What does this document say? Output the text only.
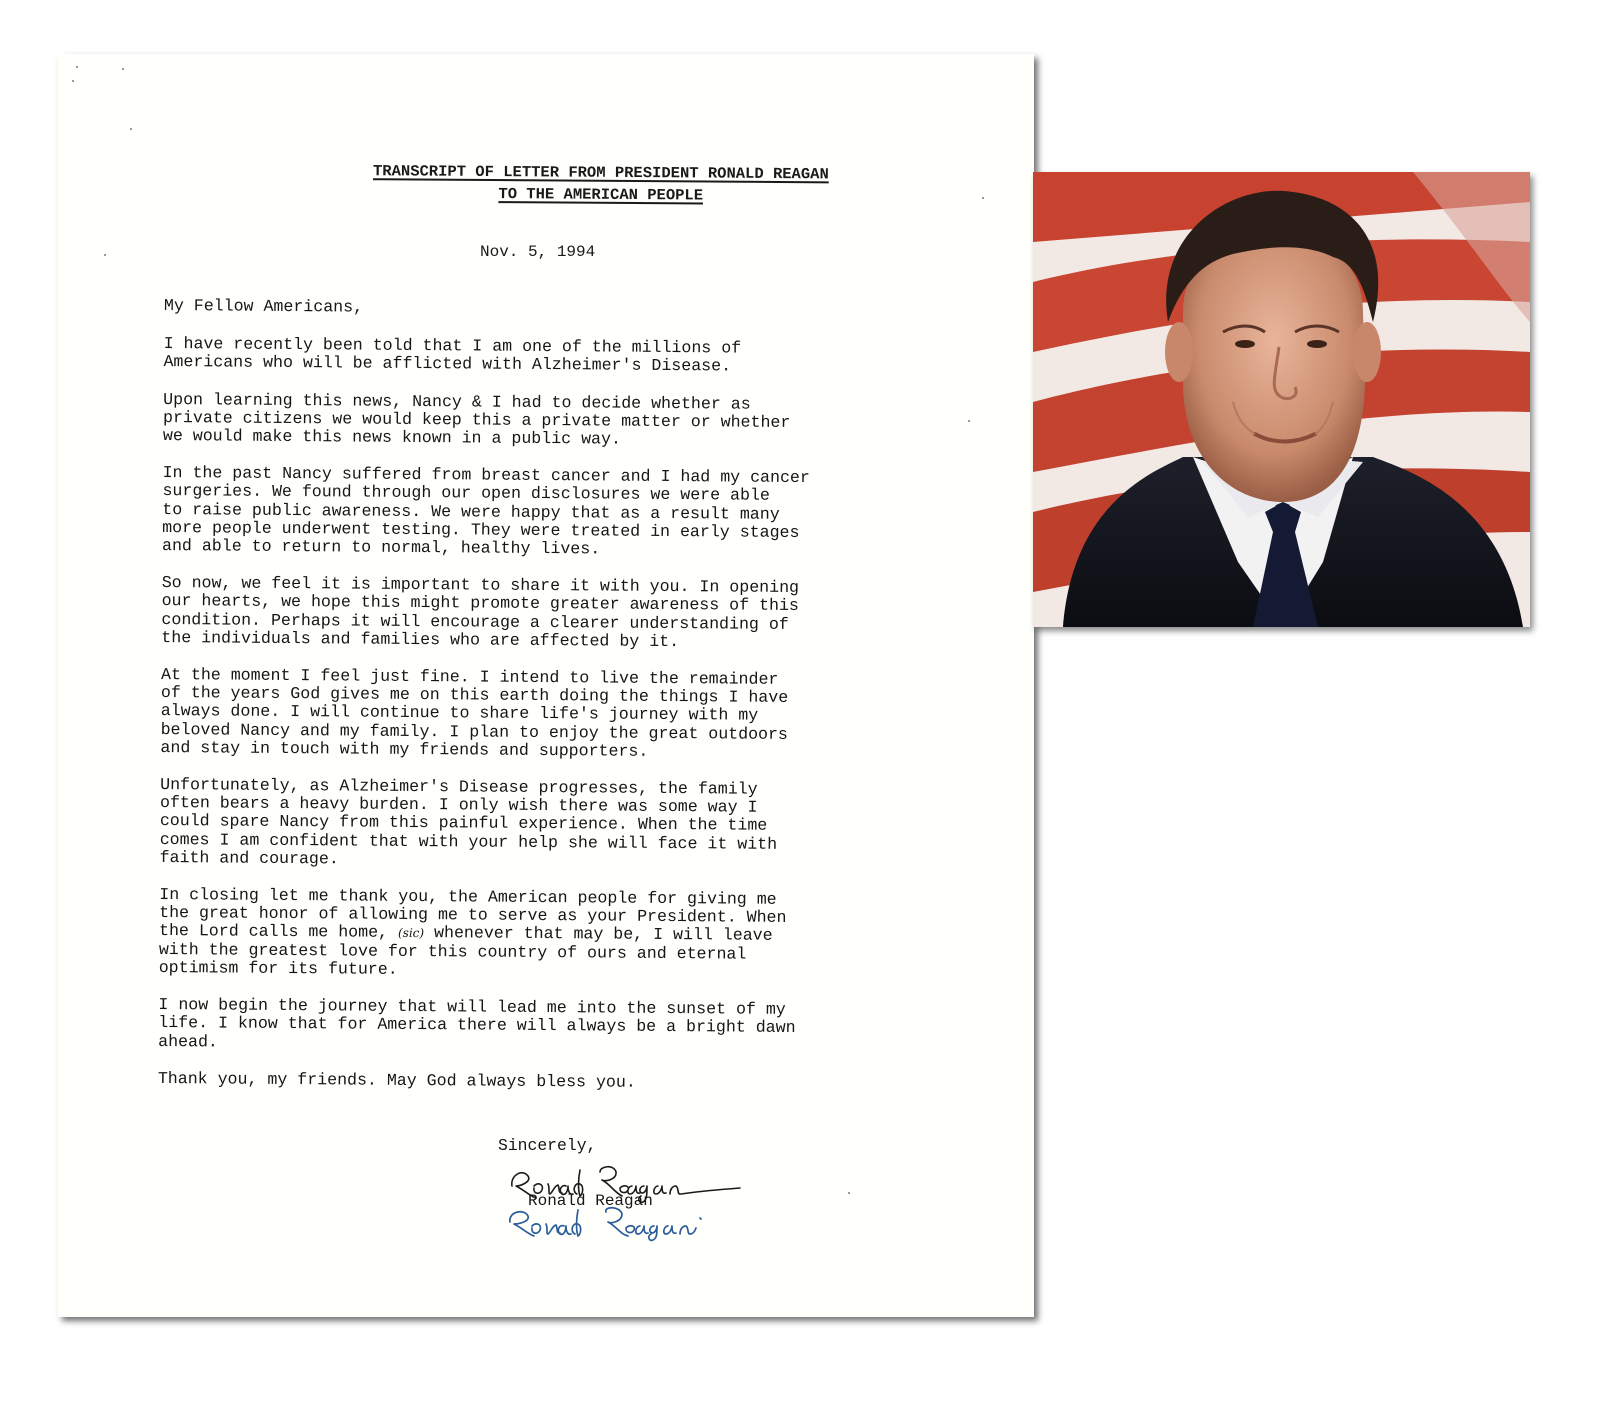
TRANSCRIPT OF LETTER FROM PRESIDENT RONALD REAGAN
TO THE AMERICAN PEOPLE
Nov. 5, 1994
My Fellow Americans,
I have recently been told that I am one of the millions of
Americans who will be afflicted with Alzheimer's Disease.
Upon learning this news, Nancy & I had to decide whether as
private citizens we would keep this a private matter or whether
we would make this news known in a public way.
In the past Nancy suffered from breast cancer and I had my cancer
surgeries. We found through our open disclosures we were able
to raise public awareness. We were happy that as a result many
more people underwent testing. They were treated in early stages
and able to return to normal, healthy lives.
So now, we feel it is important to share it with you. In opening
our hearts, we hope this might promote greater awareness of this
condition. Perhaps it will encourage a clearer understanding of
the individuals and families who are affected by it.
At the moment I feel just fine. I intend to live the remainder
of the years God gives me on this earth doing the things I have
always done. I will continue to share life's journey with my
beloved Nancy and my family. I plan to enjoy the great outdoors
and stay in touch with my friends and supporters.
Unfortunately, as Alzheimer's Disease progresses, the family
often bears a heavy burden. I only wish there was some way I
could spare Nancy from this painful experience. When the time
comes I am confident that with your help she will face it with
faith and courage.
In closing let me thank you, the American people for giving me
the great honor of allowing me to serve as your President. When
the Lord calls me home, (sic) whenever that may be, I will leave
with the greatest love for this country of ours and eternal
optimism for its future.
I now begin the journey that will lead me into the sunset of my
life. I know that for America there will always be a bright dawn
ahead.
Thank you, my friends. May God always bless you.
Sincerely,
Ronald Reagan
